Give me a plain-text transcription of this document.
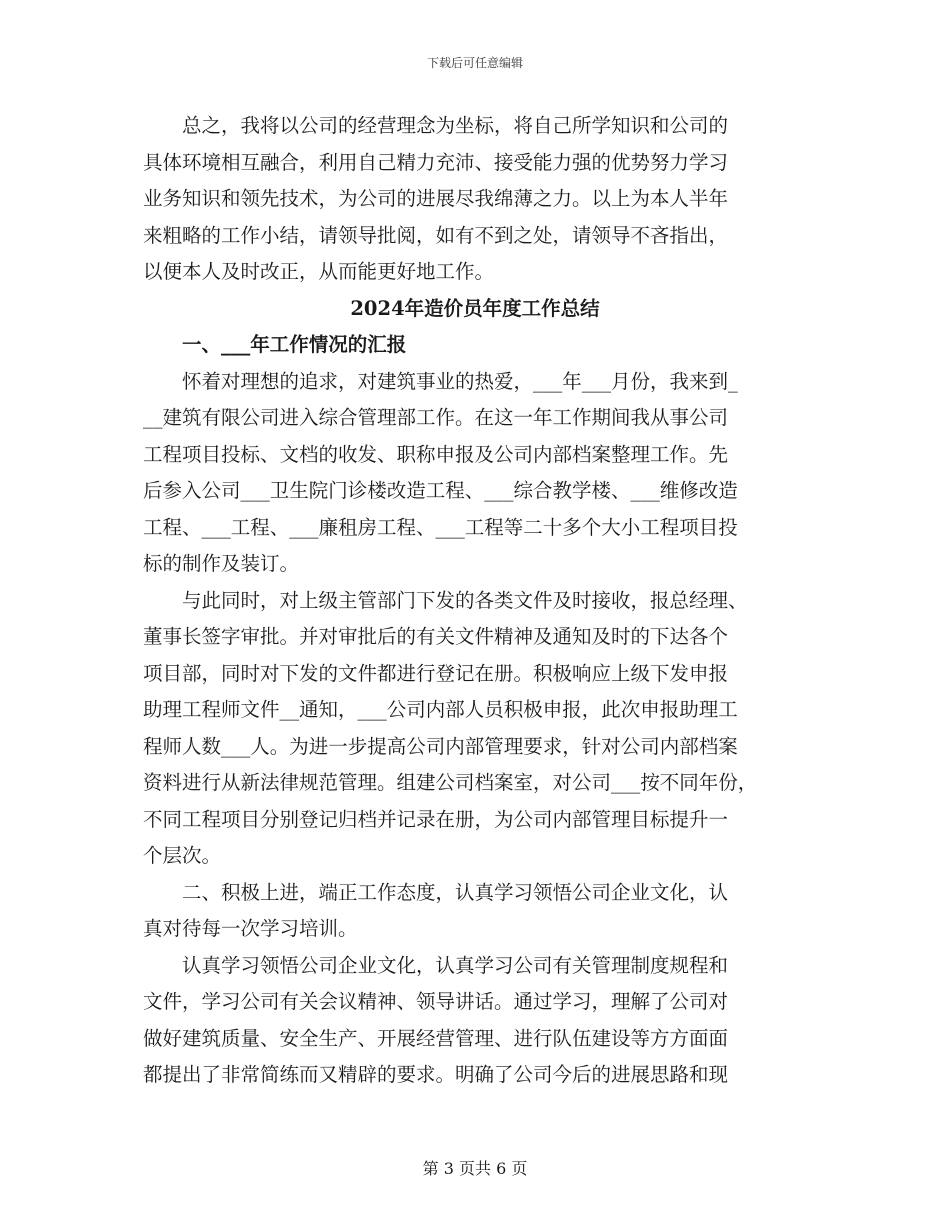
下载后可任意编辑
总之，我将以公司的经营理念为坐标，将自己所学知识和公司的
具体环境相互融合，利用自己精力充沛、接受能力强的优势努力学习
业务知识和领先技术，为公司的进展尽我绵薄之力。以上为本人半年
来粗略的工作小结，请领导批阅，如有不到之处，请领导不吝指出，
以便本人及时改正，从而能更好地工作。
2024年造价员年度工作总结
一、___年工作情况的汇报
怀着对理想的追求，对建筑事业的热爱，___年___月份，我来到_
__建筑有限公司进入综合管理部工作。在这一年工作期间我从事公司
工程项目投标、文档的收发、职称申报及公司内部档案整理工作。先
后参入公司___卫生院门诊楼改造工程、___综合教学楼、___维修改造
工程、___工程、___廉租房工程、___工程等二十多个大小工程项目投
标的制作及装订。
与此同时，对上级主管部门下发的各类文件及时接收，报总经理、
董事长签字审批。并对审批后的有关文件精神及通知及时的下达各个
项目部，同时对下发的文件都进行登记在册。积极响应上级下发申报
助理工程师文件__通知，___公司内部人员积极申报，此次申报助理工
程师人数___人。为进一步提高公司内部管理要求，针对公司内部档案
资料进行从新法律规范管理。组建公司档案室，对公司___按不同年份，
不同工程项目分别登记归档并记录在册，为公司内部管理目标提升一
个层次。
二、积极上进，端正工作态度，认真学习领悟公司企业文化，认
真对待每一次学习培训。
认真学习领悟公司企业文化，认真学习公司有关管理制度规程和
文件，学习公司有关会议精神、领导讲话。通过学习，理解了公司对
做好建筑质量、安全生产、开展经营管理、进行队伍建设等方方面面
都提出了非常简练而又精辟的要求。明确了公司今后的进展思路和现
第 3 页共 6 页
